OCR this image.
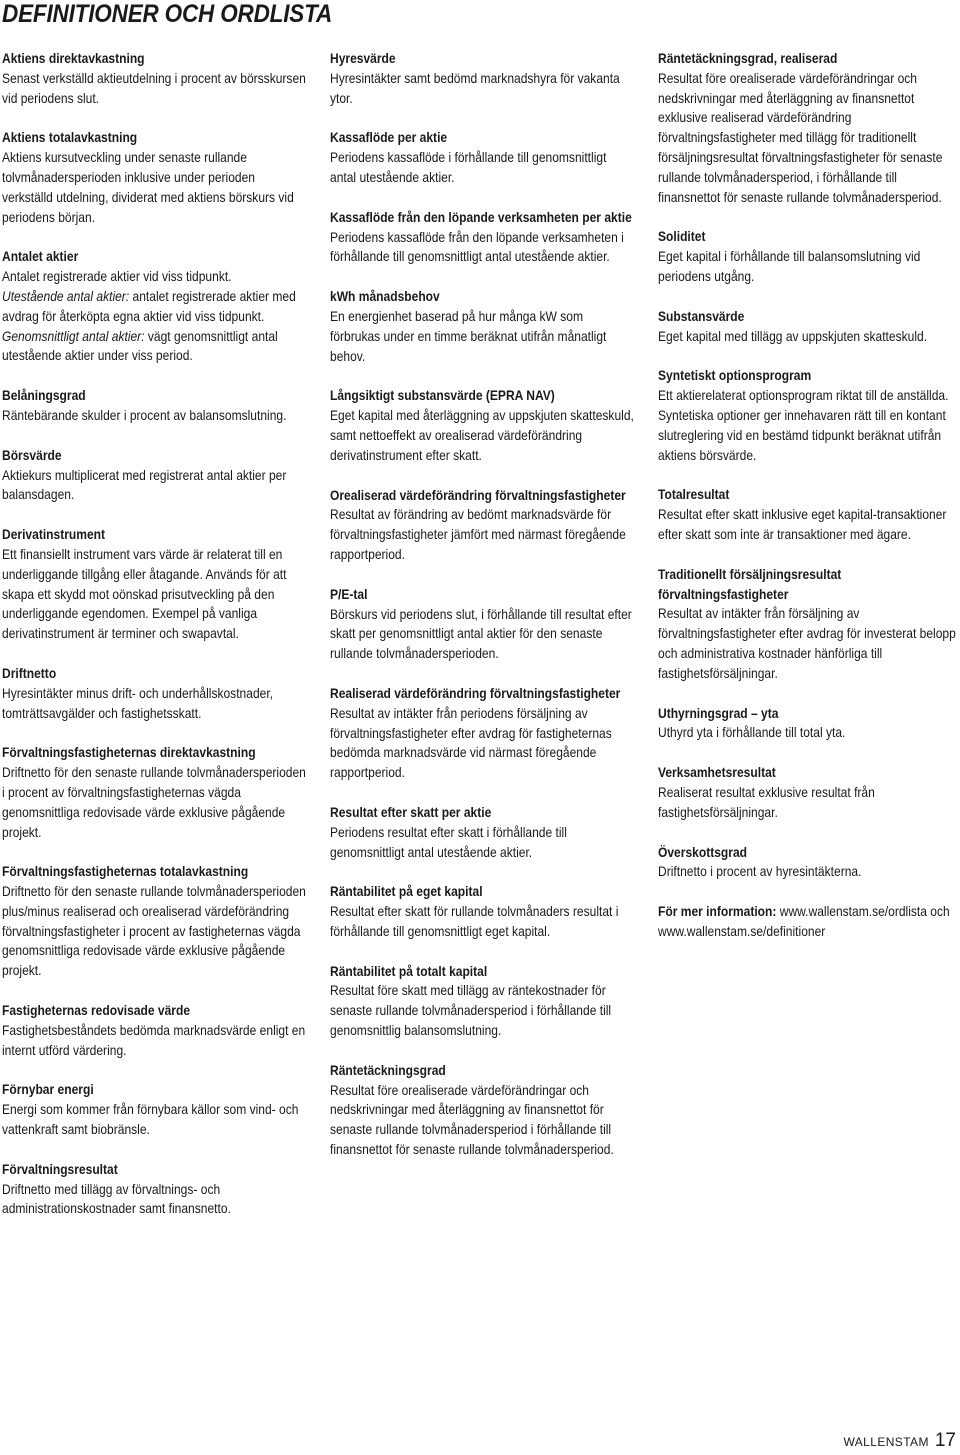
DEFINITIONER OCH ORDLISTA
Aktiens direktavkastning
Senast verkställd aktieutdelning i procent av börsskursen vid periodens slut.
Aktiens totalavkastning
Aktiens kursutveckling under senaste rullande tolvmånadersperioden inklusive under perioden verkställd utdelning, dividerat med aktiens börskurs vid periodens början.
Antalet aktier
Antalet registrerade aktier vid viss tidpunkt.
Utestående antal aktier: antalet registrerade aktier med avdrag för återköpta egna aktier vid viss tidpunkt. Genomsnittligt antal aktier: vägt genomsnittligt antal utestående aktier under viss period.
Belåningsgrad
Räntebärande skulder i procent av balansomslutning.
Börsvärde
Aktiekurs multiplicerat med registrerat antal aktier per balansdagen.
Derivatinstrument
Ett finansiellt instrument vars värde är relaterat till en underliggande tillgång eller åtagande. Används för att skapa ett skydd mot oönskad prisutveckling på den underliggande egendomen. Exempel på vanliga derivatinstrument är terminer och swapavtal.
Driftnetto
Hyresintäkter minus drift- och underhållskostnader, tomträttsavgälder och fastighetsskatt.
Förvaltningsfastigheternas direktavkastning
Driftnetto för den senaste rullande tolvmånadersperioden i procent av förvaltningsfastigheternas vägda genomsnittliga redovisade värde exklusive pågående projekt.
Förvaltningsfastigheternas totalavkastning
Driftnetto för den senaste rullande tolvmånadersperioden plus/minus realiserad och orealiserad värdeförändring förvaltningsfastigheter i procent av fastigheternas vägda genomsnittliga redovisade värde exklusive pågående projekt.
Fastigheternas redovisade värde
Fastighetsbeståndets bedömda marknadsvärde enligt en internt utförd värdering.
Förnybar energi
Energi som kommer från förnybara källor som vind- och vattenkraft samt biobränsle.
Förvaltningsresultat
Driftnetto med tillägg av förvaltnings- och administrationskostnader samt finansnetto.
Hyresvärde
Hyresintäkter samt bedömd marknadshyra för vakanta ytor.
Kassaflöde per aktie
Periodens kassaflöde i förhållande till genomsnittligt antal utestående aktier.
Kassaflöde från den löpande verksamheten per aktie
Periodens kassaflöde från den löpande verksamheten i förhållande till genomsnittligt antal utestående aktier.
kWh månadsbehov
En energienhet baserad på hur många kW som förbrukas under en timme beräknat utifrån månatligt behov.
Långsiktigt substansvärde (EPRA NAV)
Eget kapital med återläggning av uppskjuten skatteskuld, samt nettoeffekt av orealiserad värdeförändring derivatinstrument efter skatt.
Orealiserad värdeförändring förvaltningsfastigheter
Resultat av förändring av bedömt marknadsvärde för förvaltningsfastigheter jämfört med närmast föregående rapportperiod.
P/E-tal
Börskurs vid periodens slut, i förhållande till resultat efter skatt per genomsnittligt antal aktier för den senaste rullande tolvmånadersperioden.
Realiserad värdeförändring förvaltningsfastigheter
Resultat av intäkter från periodens försäljning av förvaltningsfastigheter efter avdrag för fastigheternas bedömda marknadsvärde vid närmast föregående rapportperiod.
Resultat efter skatt per aktie
Periodens resultat efter skatt i förhållande till genomsnittligt antal utestående aktier.
Räntabilitet på eget kapital
Resultat efter skatt för rullande tolvmånaders resultat i förhållande till genomsnittligt eget kapital.
Räntabilitet på totalt kapital
Resultat före skatt med tillägg av räntekostnader för senaste rullande tolvmånadersperiod i förhållande till genomsnittlig balansomslutning.
Räntetäckningsgrad
Resultat före orealiserade värdeförändringar och nedskrivningar med återläggning av finansnettot för senaste rullande tolvmånadersperiod i förhållande till finansnettot för senaste rullande tolvmånadersperiod.
Räntetäckningsgrad, realiserad
Resultat före orealiserade värdeförändringar och nedskrivningar med återläggning av finansnettot exklusive realiserad värdeförändring förvaltningsfastigheter med tillägg för traditionellt försäljningsresultat förvaltningsfastigheter för senaste rullande tolvmånadersperiod, i förhållande till finansnettot för senaste rullande tolvmånadersperiod.
Soliditet
Eget kapital i förhållande till balansomslutning vid periodens utgång.
Substansvärde
Eget kapital med tillägg av uppskjuten skatteskuld.
Syntetiskt optionsprogram
Ett aktierelaterat optionsprogram riktat till de anställda. Syntetiska optioner ger innehavaren rätt till en kontant slutreglering vid en bestämd tidpunkt beräknat utifrån aktiens börsvärde.
Totalresultat
Resultat efter skatt inklusive eget kapital-transaktioner efter skatt som inte är transaktioner med ägare.
Traditionellt försäljningsresultat förvaltningsfastigheter
Resultat av intäkter från försäljning av förvaltningsfastigheter efter avdrag för investerat belopp och administrativa kostnader hänförliga till fastighetsförsäljningar.
Uthyrningsgrad – yta
Uthyrd yta i förhållande till total yta.
Verksamhetsresultat
Realiserat resultat exklusive resultat från fastighetsförsäljningar.
Överskottsgrad
Driftnetto i procent av hyresintäkterna.
För mer information: www.wallenstam.se/ordlista och www.wallenstam.se/definitioner
WALLENSTAM 17
